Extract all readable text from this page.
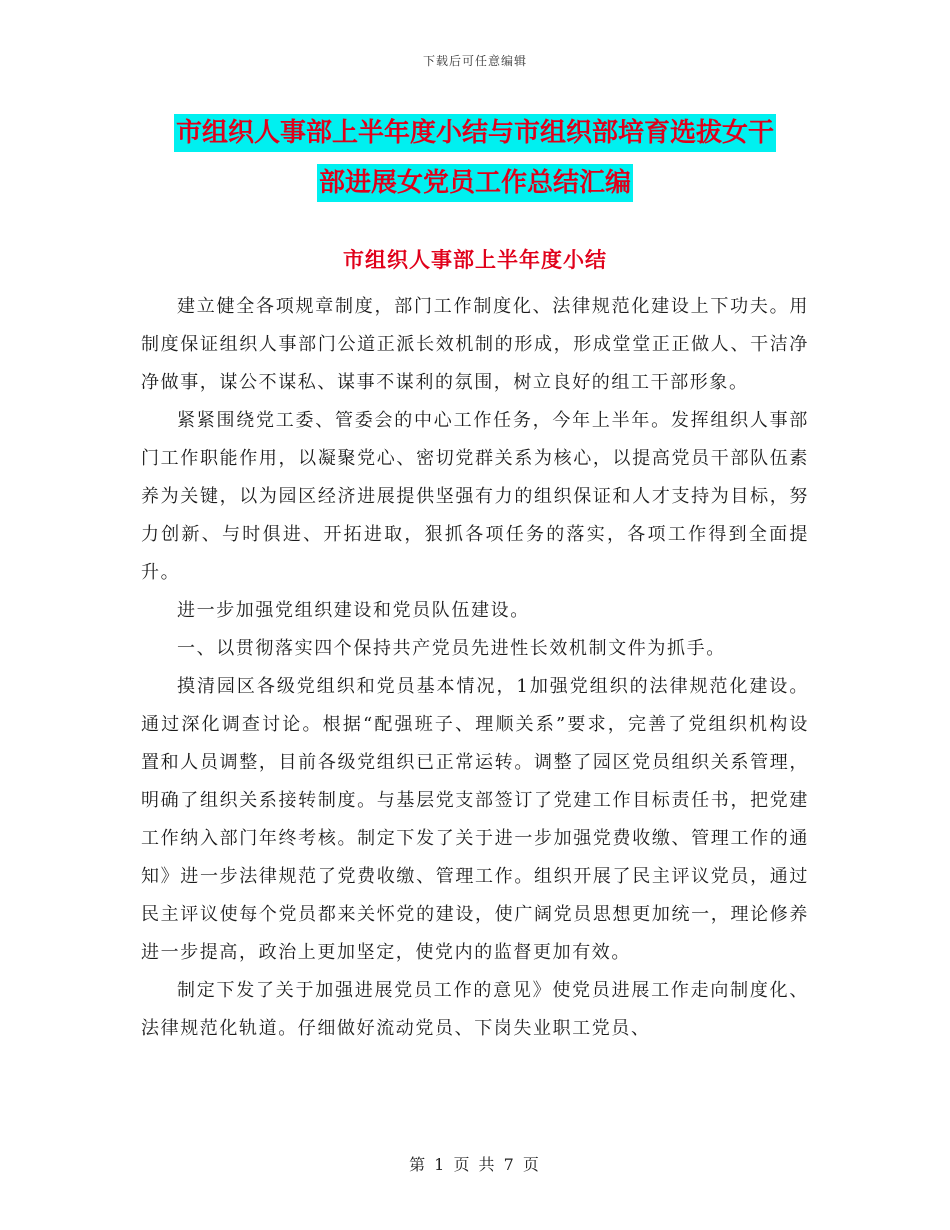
下载后可任意编辑
市组织人事部上半年度小结与市组织部培育选拔女干
部进展女党员工作总结汇编
市组织人事部上半年度小结

建立健全各项规章制度，部门工作制度化、法律规范化建设上下功夫。用制度保证组织人事部门公道正派长效机制的形成，形成堂堂正正做人、干洁净净做事，谋公不谋私、谋事不谋利的氛围，树立良好的组工干部形象。

紧紧围绕党工委、管委会的中心工作任务，今年上半年。发挥组织人事部门工作职能作用，以凝聚党心、密切党群关系为核心，以提高党员干部队伍素养为关键，以为园区经济进展提供坚强有力的组织保证和人才支持为目标，努力创新、与时俱进、开拓进取，狠抓各项任务的落实，各项工作得到全面提升。

进一步加强党组织建设和党员队伍建设。

一、以贯彻落实四个保持共产党员先进性长效机制文件为抓手。

摸清园区各级党组织和党员基本情况，1加强党组织的法律规范化建设。通过深化调查讨论。根据“配强班子、理顺关系”要求，完善了党组织机构设置和人员调整，目前各级党组织已正常运转。调整了园区党员组织关系管理，明确了组织关系接转制度。与基层党支部签订了党建工作目标责任书，把党建工作纳入部门年终考核。制定下发了关于进一步加强党费收缴、管理工作的通知》进一步法律规范了党费收缴、管理工作。组织开展了民主评议党员，通过民主评议使每个党员都来关怀党的建设，使广阔党员思想更加统一，理论修养进一步提高，政治上更加坚定，使党内的监督更加有效。

制定下发了关于加强进展党员工作的意见》使党员进展工作走向制度化、法律规范化轨道。仔细做好流动党员、下岗失业职工党员、

第 1 页 共 7 页
